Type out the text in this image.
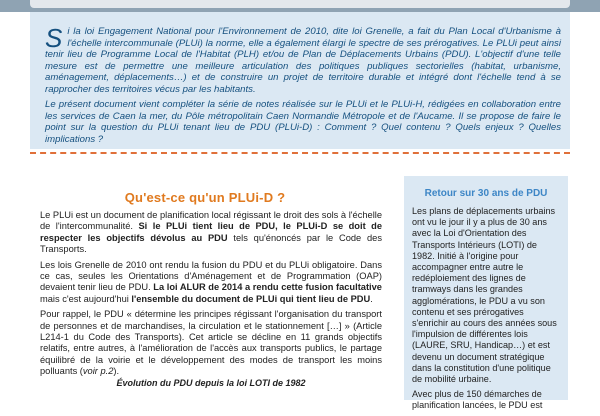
Si la loi Engagement National pour l'Environnement de 2010, dite loi Grenelle, a fait du Plan Local d'Urbanisme à l'échelle intercommunale (PLUi) la norme, elle a également élargi le spectre de ses prérogatives. Le PLUi peut ainsi tenir lieu de Programme Local de l'Habitat (PLH) et/ou de Plan de Déplacements Urbains (PDU). L'objectif d'une telle mesure est de permettre une meilleure articulation des politiques publiques sectorielles (habitat, urbanisme, aménagement, déplacements…) et de construire un projet de territoire durable et intégré dont l'échelle tend à se rapprocher des territoires vécus par les habitants.

Le présent document vient compléter la série de notes réalisée sur le PLUi et le PLUi-H, rédigées en collaboration entre les services de Caen la mer, du Pôle métropolitain Caen Normandie Métropole et de l'Aucame. Il se propose de faire le point sur la question du PLUi tenant lieu de PDU (PLUi-D) : Comment ? Quel contenu ? Quels enjeux ? Quelles implications ?

Qu'est-ce qu'un PLUi-D ?

Le PLUi est un document de planification local régissant le droit des sols à l'échelle de l'intercommunalité. Si le PLUi tient lieu de PDU, le PLUi-D se doit de respecter les objectifs dévolus au PDU tels qu'énoncés par le Code des Transports.

Les lois Grenelle de 2010 ont rendu la fusion du PDU et du PLUi obligatoire. Dans ce cas, seules les Orientations d'Aménagement et de Programmation (OAP) devaient tenir lieu de PDU. La loi ALUR de 2014 a rendu cette fusion facultative mais c'est aujourd'hui l'ensemble du document de PLUi qui tient lieu de PDU.

Pour rappel, le PDU « détermine les principes régissant l'organisation du transport de personnes et de marchandises, la circulation et le stationnement […] » (Article L214-1 du Code des Transports). Cet article se décline en 11 grands objectifs relatifs, entre autres, à l'amélioration de l'accès aux transports publics, le partage équilibré de la voirie et le développement des modes de transport les moins polluants (voir p.2).

Évolution du PDU depuis la loi LOTI de 1982

Retour sur 30 ans de PDU

Les plans de déplacements urbains ont vu le jour il y a plus de 30 ans avec la Loi d'Orientation des Transports Intérieurs (LOTI) de 1982. Initié à l'origine pour accompagner entre autre le redéploiement des lignes de tramways dans les grandes agglomérations, le PDU a vu son contenu et ses prérogatives s'enrichir au cours des années sous l'impulsion de différentes lois (LAURE, SRU, Handicap…) et est devenu un document stratégique dans la constitution d'une politique de mobilité urbaine.

Avec plus de 150 démarches de planification lancées, le PDU est
